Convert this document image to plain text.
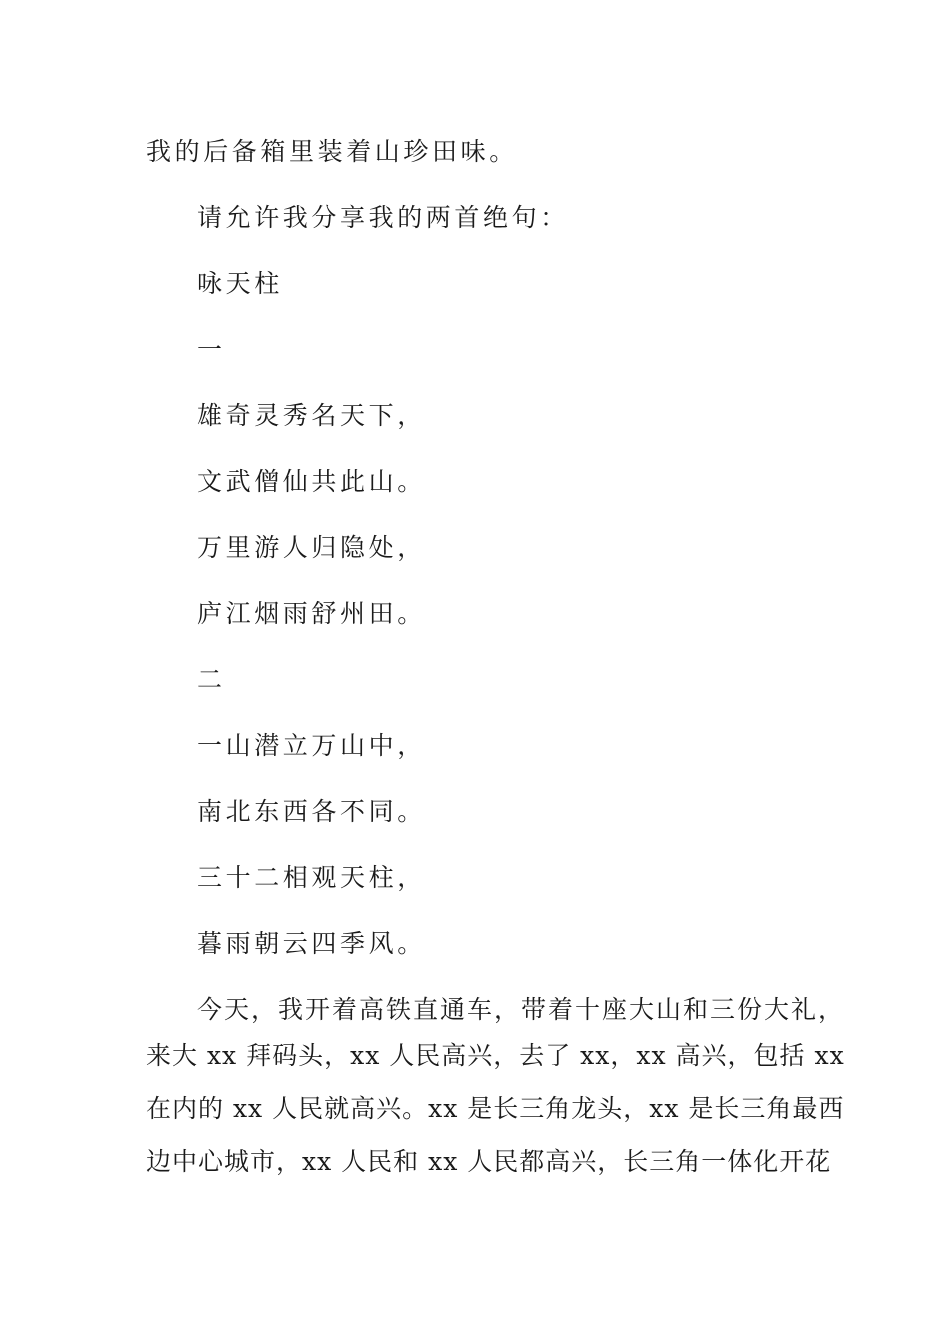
我的后备箱里装着山珍田味。
请允许我分享我的两首绝句：
咏天柱
一
雄奇灵秀名天下，
文武僧仙共此山。
万里游人归隐处，
庐江烟雨舒州田。
二
一山潜立万山中，
南北东西各不同。
三十二相观天柱，
暮雨朝云四季风。
今天，我开着高铁直通车，带着十座大山和三份大礼，
来大 xx 拜码头，xx 人民高兴，去了 xx，xx 高兴，包括 xx
在内的 xx 人民就高兴。xx 是长三角龙头，xx 是长三角最西
边中心城市，xx 人民和 xx 人民都高兴，长三角一体化开花
